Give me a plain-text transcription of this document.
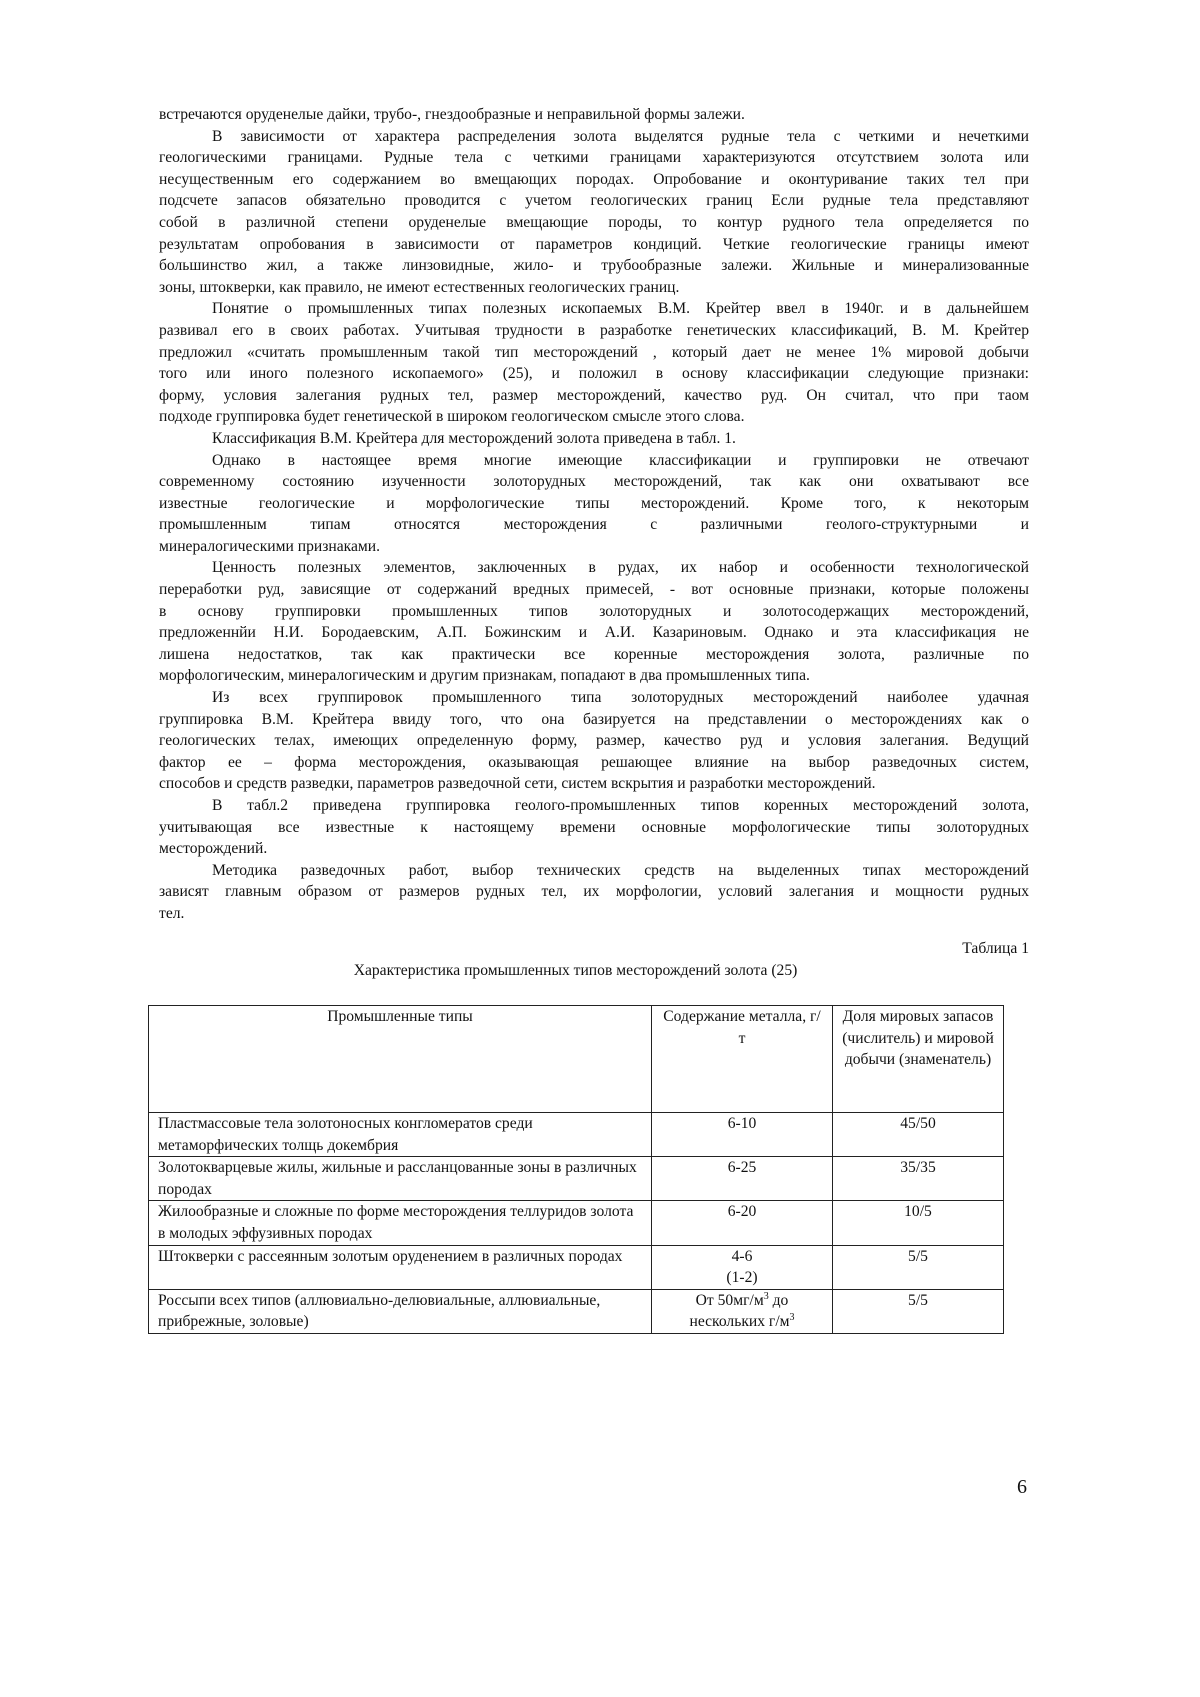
встречаются оруденелые дайки, трубо-, гнездообразные и неправильной формы залежи.
В зависимости от характера распределения золота выделятся рудные тела с четкими и нечеткими
геологическими границами. Рудные тела с четкими границами характеризуются отсутствием золота или
несущественным его содержанием во вмещающих породах. Опробование и оконтуривание таких тел при
подсчете запасов обязательно проводится с учетом геологических границ Если рудные тела представляют
собой в различной степени оруденелые вмещающие породы, то контур рудного тела определяется по
результатам опробования в зависимости от параметров кондиций. Четкие геологические границы имеют
большинство жил, а также линзовидные, жило- и трубообразные залежи. Жильные и минерализованные
зоны, штокверки, как правило, не имеют естественных геологических границ.
Понятие о промышленных типах полезных ископаемых В.М. Крейтер ввел в 1940г. и в дальнейшем
развивал его в своих работах. Учитывая трудности в разработке генетических классификаций, В. М. Крейтер
предложил «считать промышленным такой тип месторождений , который дает не менее 1% мировой добычи
того или иного полезного ископаемого» (25), и положил в основу классификации следующие признаки:
форму, условия залегания рудных тел, размер месторождений, качество руд. Он считал, что при таом
подходе группировка будет генетической в широком геологическом смысле этого слова.
Классификация В.М. Крейтера для месторождений золота приведена в табл. 1.
Однако в настоящее время многие имеющие классификации и группировки не отвечают
современному состоянию изученности золоторудных месторождений, так как они охватывают все
известные геологические и морфологические типы месторождений. Кроме того, к некоторым
промышленным типам относятся месторождения с различными геолого-структурными и
минералогическими признаками.
Ценность полезных элементов, заключенных в рудах, их набор и особенности технологической
переработки руд, зависящие от содержаний вредных примесей, - вот основные признаки, которые положены
в основу группировки промышленных типов золоторудных и золотосодержащих месторождений,
предложеннйи Н.И. Бородаевским, А.П. Божинским и А.И. Казариновым. Однако и эта классификация не
лишена недостатков, так как практически все коренные месторождения золота, различные по
морфологическим, минералогическим и другим признакам, попадают в два промышленных типа.
Из всех группировок промышленного типа золоторудных месторождений наиболее удачная
группировка В.М. Крейтера ввиду того, что она базируется на представлении о месторождениях как о
геологических телах, имеющих определенную форму, размер, качество руд и условия залегания. Ведущий
фактор ее – форма месторождения, оказывающая решающее влияние на выбор разведочных систем,
способов и средств разведки, параметров разведочной сети, систем вскрытия и разработки месторождений.
В табл.2 приведена группировка геолого-промышленных типов коренных месторождений золота,
учитывающая все известные к настоящему времени основные морфологические типы золоторудных
месторождений.
Методика разведочных работ, выбор технических средств на выделенных типах месторождений
зависят главным образом от размеров рудных тел, их морфологии, условий залегания и мощности рудных
тел.
Таблица 1
Характеристика промышленных типов месторождений золота (25)
Промышленные типы	Содержание металла, г/т	Доля мировых запасов (числитель) и мировой добычи (знаменатель)
Пластмассовые тела золотоносных конгломератов среди метаморфических толщь докембрия	6-10	45/50
Золотокварцевые жилы, жильные и рассланцованные зоны в различных породах	6-25	35/35
Жилообразные и сложные по форме месторождения теллуридов золота в молодых эффузивных породах	6-20	10/5
Штокверки с рассеянным золотым оруденением в различных породах	4-6
(1-2)
	5/5
Россыпи всех типов (аллювиально-делювиальные, аллювиальные, прибрежные, золовые)	От 50мг/м3 до нескольких г/м3	5/5
6
